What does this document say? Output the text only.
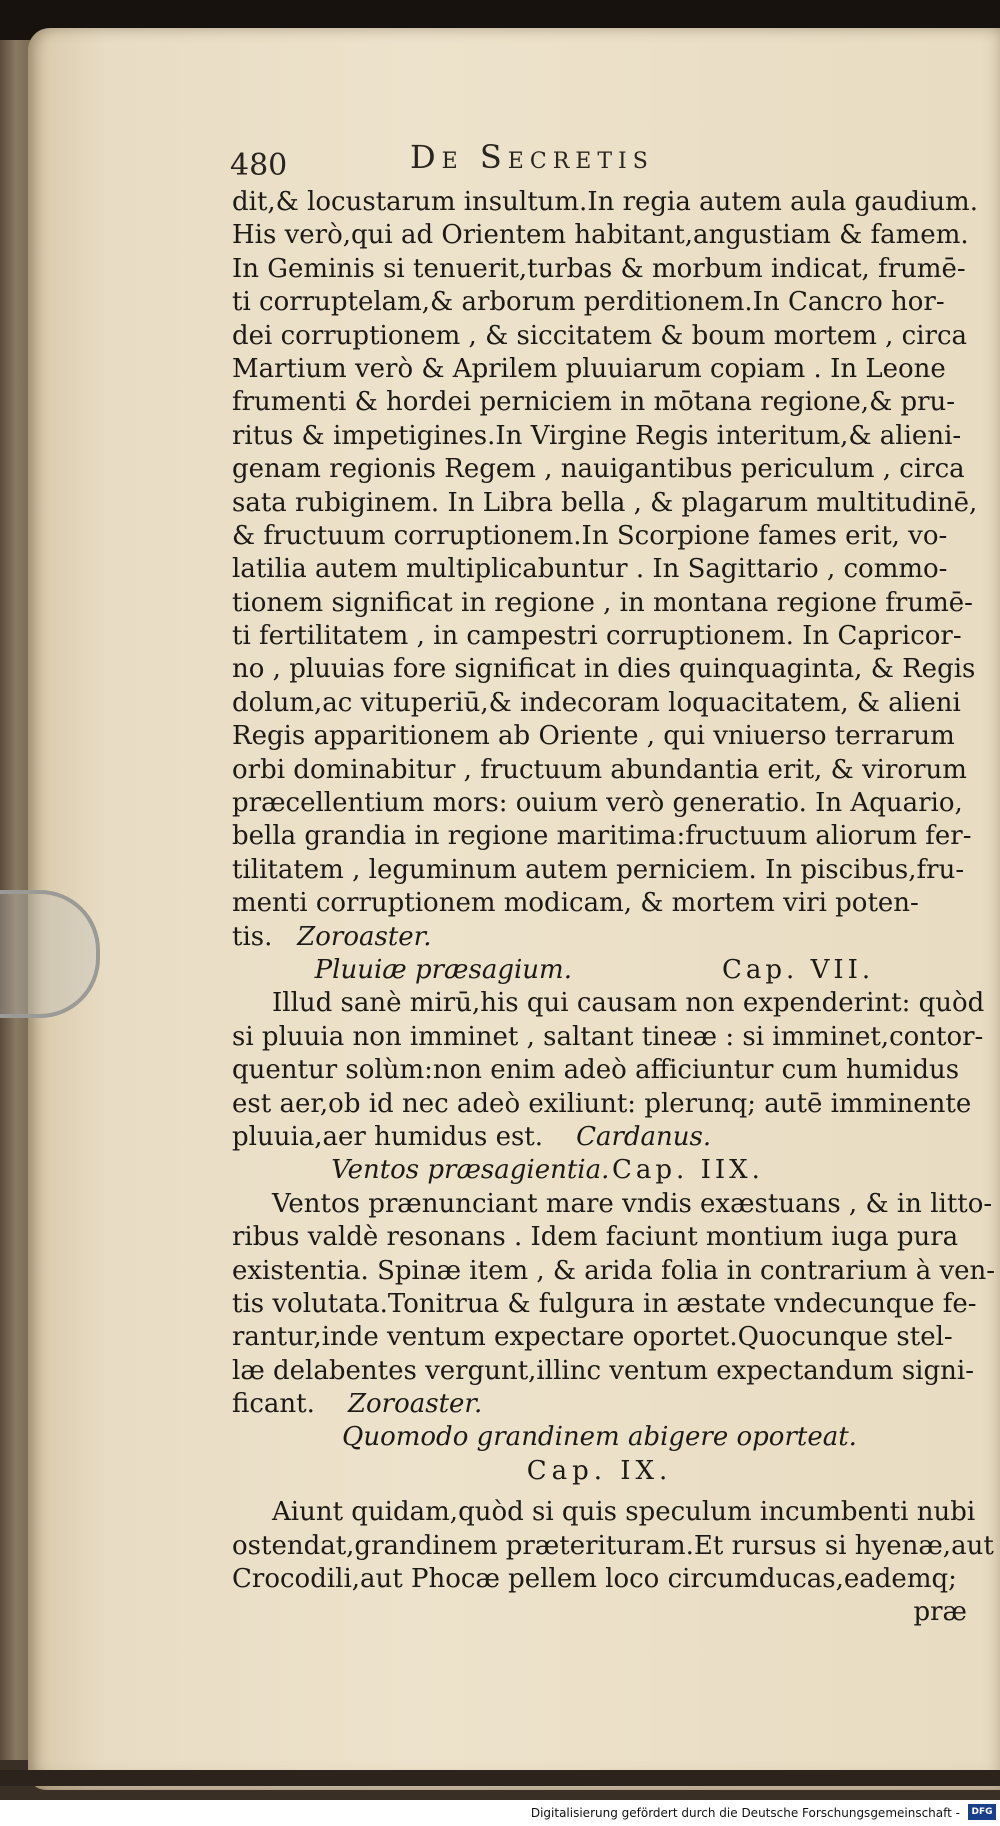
480	De Secretis
dit,& locustarum insultum.In regia autem aula gaudium.
His verò,qui ad Orientem habitant,angustiam & famem.
In Geminis si tenuerit,turbas & morbum indicat, frumē-
ti corruptelam,& arborum perditionem.In Cancro hor-
dei corruptionem , & siccitatem & boum mortem , circa
Martium verò & Aprilem pluuiarum copiam . In Leone
frumenti & hordei perniciem in mōtana regione,& pru-
ritus & impetigines.In Virgine Regis interitum,& alieni-
genam regionis Regem , nauigantibus periculum , circa
sata rubiginem. In Libra bella , & plagarum multitudinē,
& fructuum corruptionem.In Scorpione fames erit, vo-
latilia autem multiplicabuntur . In Sagittario , commo-
tionem significat in regione , in montana regione frumē-
ti fertilitatem , in campestri corruptionem. In Capricor-
no , pluuias fore significat in dies quinquaginta, & Regis
dolum,ac vituperiū,& indecoram loquacitatem, & alieni
Regis apparitionem ab Oriente , qui vniuerso terrarum
orbi dominabitur , fructuum abundantia erit, & virorum
præcellentium mors: ouium verò generatio. In Aquario,
bella grandia in regione maritima:fructuum aliorum fer-
tilitatem , leguminum autem perniciem. In piscibus,fru-
menti corruptionem modicam, & mortem viri poten-
tis. Zoroaster.
Pluuiæ præsagium.	Cap. VII.
Illud sanè mirū,his qui causam non expenderint: quòd
si pluuia non imminet , saltant tineæ : si imminet,contor-
quentur solùm:non enim adeò afficiuntur cum humidus
est aer,ob id nec adeò exiliunt: plerunq; autē imminente
pluuia,aer humidus est. Cardanus.
Ventos præsagientia. Cap. IIX.
Ventos prænunciant mare vndis exæstuans , & in litto-
ribus valdè resonans . Idem faciunt montium iuga pura
existentia. Spinæ item , & arida folia in contrarium à ven-
tis volutata.Tonitrua & fulgura in æstate vndecunque fe-
rantur,inde ventum expectare oportet.Quocunque stel-
læ delabentes vergunt,illinc ventum expectandum signi-
ficant. Zoroaster.
Quomodo grandinem abigere oporteat.
Cap. IX.
Aiunt quidam,quòd si quis speculum incumbenti nubi
ostendat,grandinem præterituram.Et rursus si hyenæ,aut
Crocodili,aut Phocæ pellem loco circumducas,eademq;
præ
Digitalisierung gefördert durch die Deutsche Forschungsgemeinschaft -	DFG
